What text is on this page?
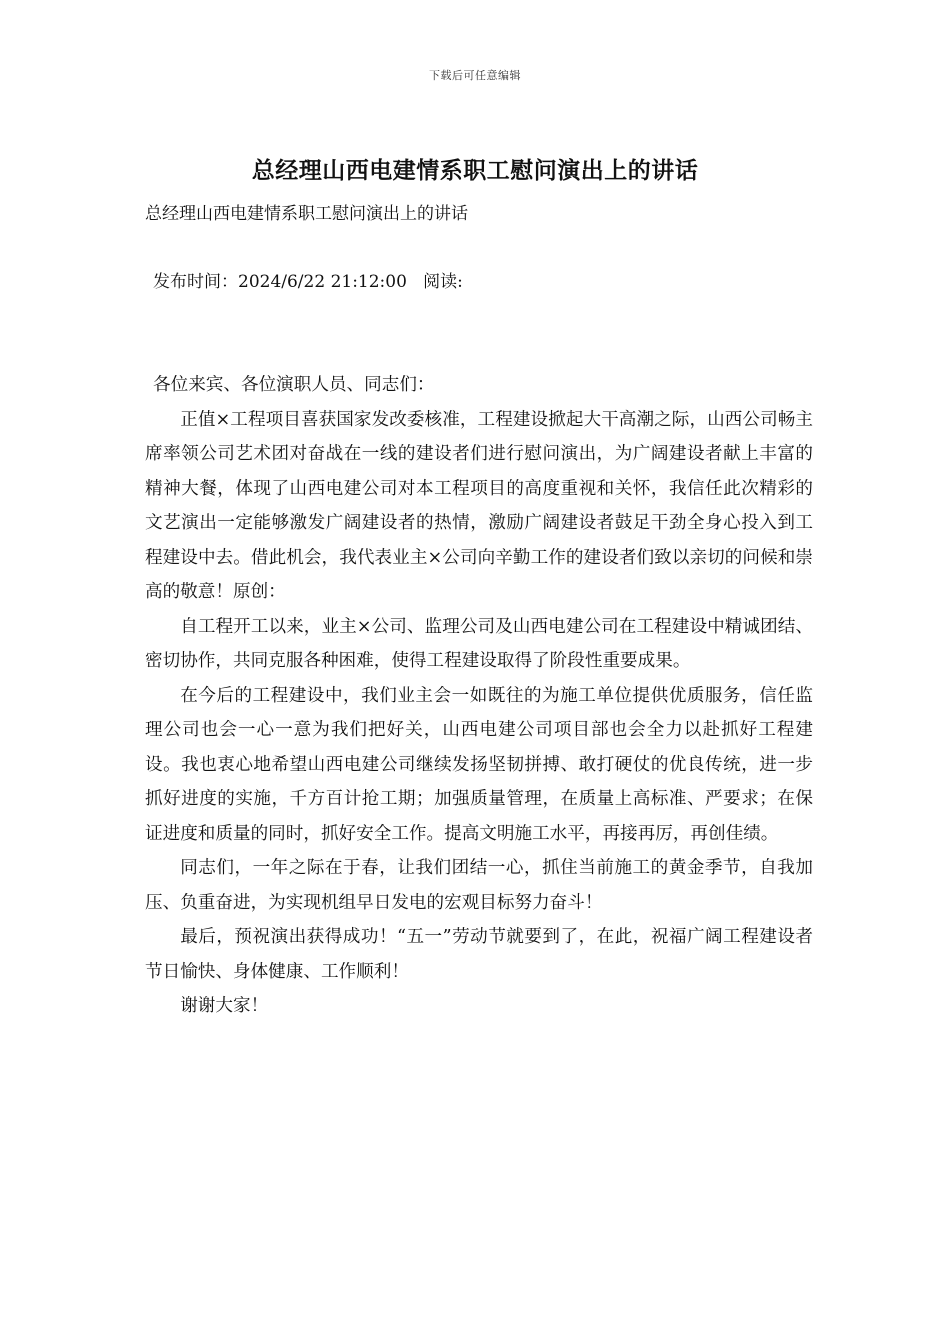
下载后可任意编辑
总经理山西电建情系职工慰问演出上的讲话

总经理山西电建情系职工慰问演出上的讲话

发布时间：2024/6/22 21:12:00 阅读:

各位来宾、各位演职人员、同志们：

正值×工程项目喜获国家发改委核准，工程建设掀起大干高潮之际，山西公司畅主席率领公司艺术团对奋战在一线的建设者们进行慰问演出，为广阔建设者献上丰富的精神大餐，体现了山西电建公司对本工程项目的高度重视和关怀，我信任此次精彩的文艺演出一定能够激发广阔建设者的热情，激励广阔建设者鼓足干劲全身心投入到工程建设中去。借此机会，我代表业主×公司向辛勤工作的建设者们致以亲切的问候和崇高的敬意！原创：

自工程开工以来，业主×公司、监理公司及山西电建公司在工程建设中精诚团结、密切协作，共同克服各种困难，使得工程建设取得了阶段性重要成果。

在今后的工程建设中，我们业主会一如既往的为施工单位提供优质服务，信任监理公司也会一心一意为我们把好关，山西电建公司项目部也会全力以赴抓好工程建设。我也衷心地希望山西电建公司继续发扬坚韧拼搏、敢打硬仗的优良传统，进一步抓好进度的实施，千方百计抢工期；加强质量管理，在质量上高标准、严要求；在保证进度和质量的同时，抓好安全工作。提高文明施工水平，再接再厉，再创佳绩。

同志们，一年之际在于春，让我们团结一心，抓住当前施工的黄金季节，自我加压、负重奋进，为实现机组早日发电的宏观目标努力奋斗！

最后，预祝演出获得成功！“五一”劳动节就要到了，在此，祝福广阔工程建设者节日愉快、身体健康、工作顺利！

谢谢大家！
